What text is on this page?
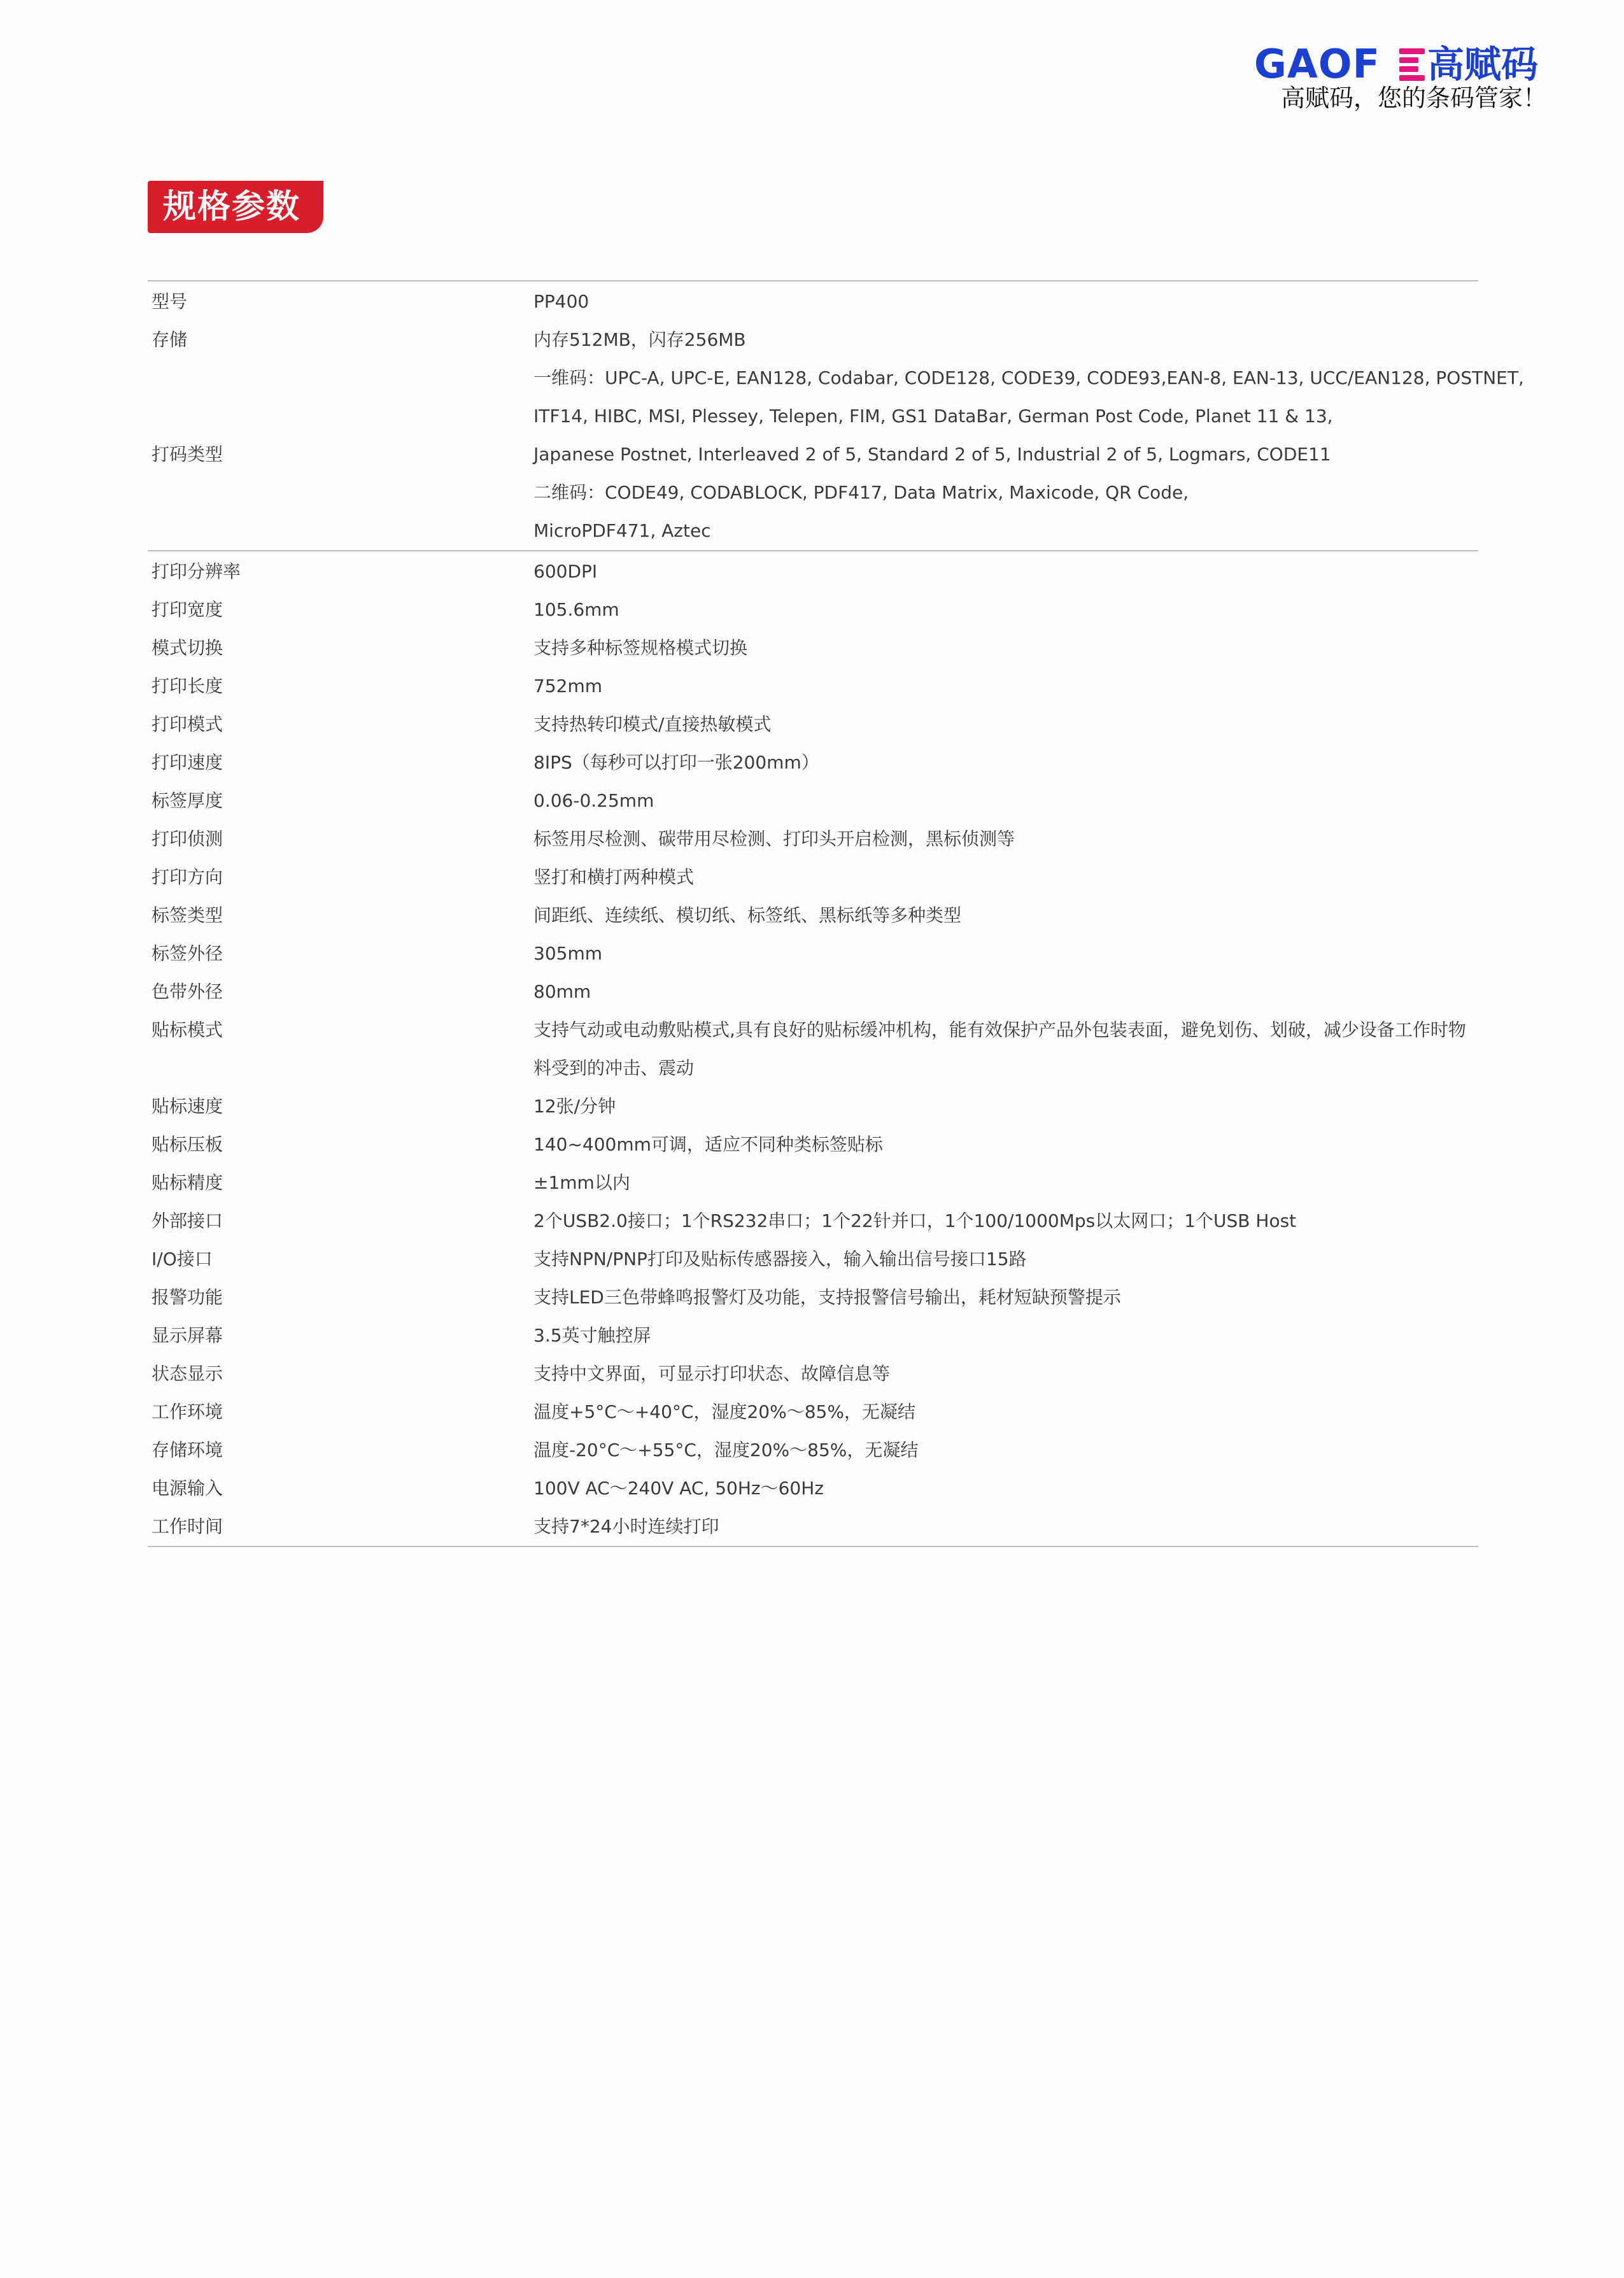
GAOF 高赋码
高赋码，您的条码管家！
规格参数
型号	PP400
存储	内存512MB，闪存256MB
打码类型
一维码：UPC-A, UPC-E, EAN128, Codabar, CODE128, CODE39, CODE93,EAN-8, EAN-13, UCC/EAN128, POSTNET,
ITF14, HIBC, MSI, Plessey, Telepen, FIM, GS1 DataBar, German Post Code, Planet 11 & 13,
Japanese Postnet, Interleaved 2 of 5, Standard 2 of 5, Industrial 2 of 5, Logmars, CODE11
二维码：CODE49, CODABLOCK, PDF417, Data Matrix, Maxicode, QR Code,
MicroPDF471, Aztec
打印分辨率	600DPI
打印宽度	105.6mm
模式切换	支持多种标签规格模式切换
打印长度	752mm
打印模式	支持热转印模式/直接热敏模式
打印速度	8IPS（每秒可以打印一张200mm）
标签厚度	0.06-0.25mm
打印侦测	标签用尽检测、碳带用尽检测、打印头开启检测，黑标侦测等
打印方向	竖打和横打两种模式
标签类型	间距纸、连续纸、模切纸、标签纸、黑标纸等多种类型
标签外径	305mm
色带外径	80mm
贴标模式	支持气动或电动敷贴模式,具有良好的贴标缓冲机构，能有效保护产品外包装表面，避免划伤、划破，减少设备工作时物
料受到的冲击、震动
贴标速度	12张/分钟
贴标压板	140~400mm可调，适应不同种类标签贴标
贴标精度	±1mm以内
外部接口	2个USB2.0接口；1个RS232串口；1个22针并口，1个100/1000Mps以太网口；1个USB Host
I/O接口	支持NPN/PNP打印及贴标传感器接入，输入输出信号接口15路
报警功能	支持LED三色带蜂鸣报警灯及功能，支持报警信号输出，耗材短缺预警提示
显示屏幕	3.5英寸触控屏
状态显示	支持中文界面，可显示打印状态、故障信息等
工作环境	温度+5°C～+40°C，湿度20%～85%，无凝结
存储环境	温度-20°C～+55°C，湿度20%～85%，无凝结
电源输入	100V AC～240V AC, 50Hz～60Hz
工作时间	支持7*24小时连续打印
